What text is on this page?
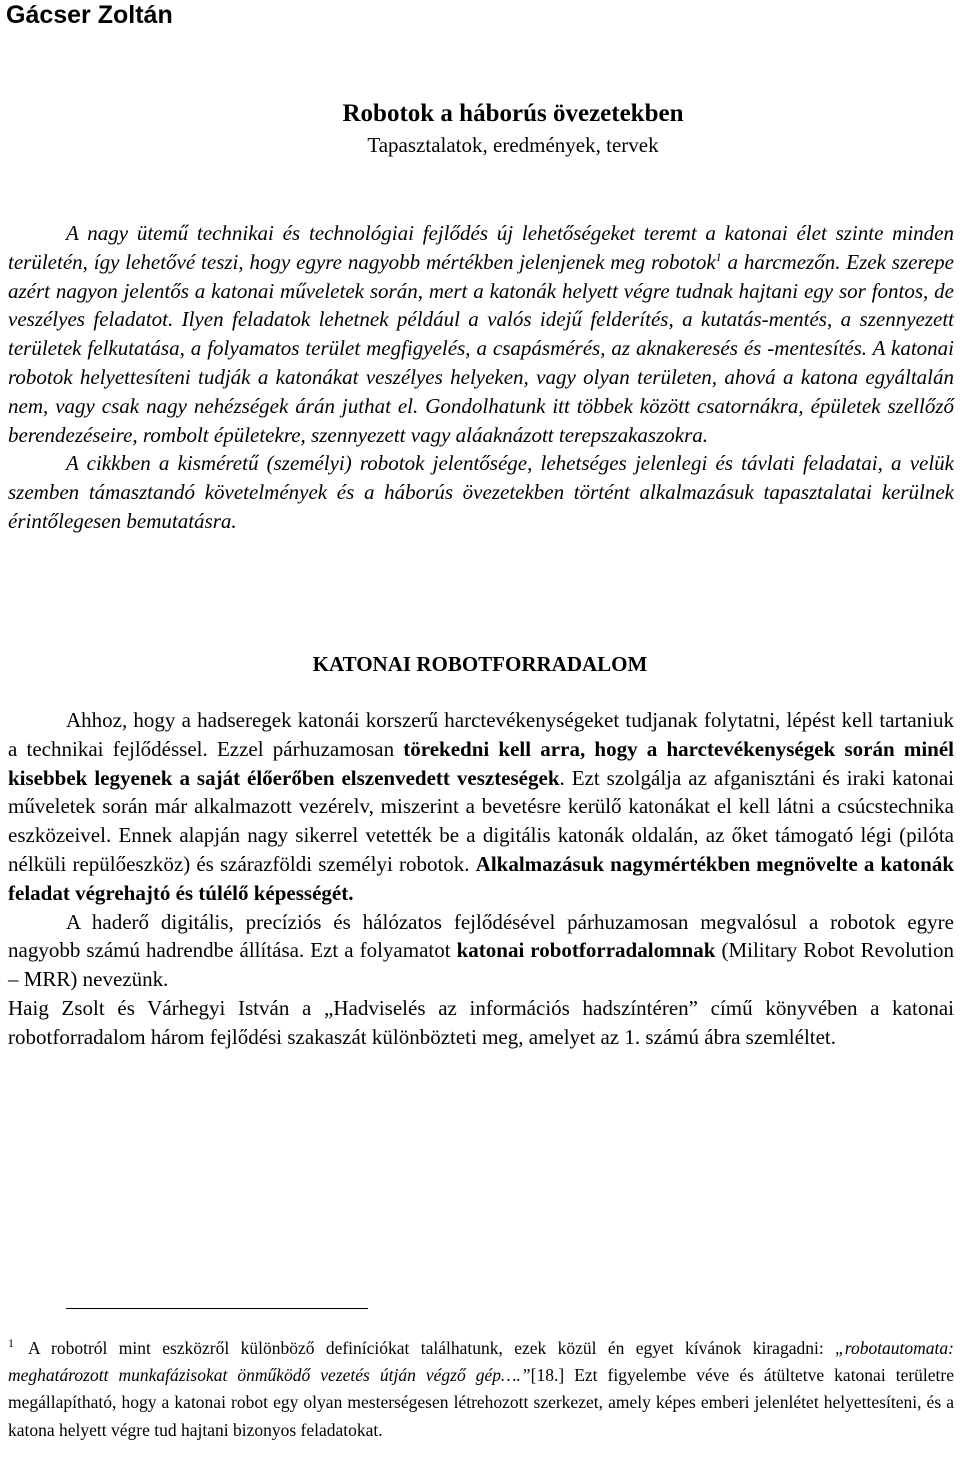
Gácser Zoltán
Robotok a háborús övezetekben
Tapasztalatok, eredmények, tervek

A nagy ütemű technikai és technológiai fejlődés új lehetőségeket teremt a katonai élet szinte minden területén, így lehetővé teszi, hogy egyre nagyobb mértékben jelenjenek meg robotok$^1$ a harcmezőn. Ezek szerepe azért nagyon jelentős a katonai műveletek során, mert a katonák helyett végre tudnak hajtani egy sor fontos, de veszélyes feladatot. Ilyen feladatok lehetnek például a valós idejű felderítés, a kutatás-mentés, a szennyezett területek felkutatása, a folyamatos terület megfigyelés, a csapásmérés, az aknakeresés és -mentesítés. A katonai robotok helyettesíteni tudják a katonákat veszélyes helyeken, vagy olyan területen, ahová a katona egyáltalán nem, vagy csak nagy nehézségek árán juthat el. Gondolhatunk itt többek között csatornákra, épületek szellőző berendezéseire, rombolt épületekre, szennyezett vagy aláaknázott terepszakaszokra.

A cikkben a kisméretű (személyi) robotok jelentősége, lehetséges jelenlegi és távlati feladatai, a velük szemben támasztandó követelmények és a háborús övezetekben történt alkalmazásuk tapasztalatai kerülnek érintőlegesen bemutatásra.

KATONAI ROBOTFORRADALOM

Ahhoz, hogy a hadseregek katonái korszerű harctevékenységeket tudjanak folytatni, lépést kell tartaniuk a technikai fejlődéssel. Ezzel párhuzamosan törekedni kell arra, hogy a harctevékenységek során minél kisebbek legyenek a saját élőerőben elszenvedett veszteségek. Ezt szolgálja az afganisztáni és iraki katonai műveletek során már alkalmazott vezérelv, miszerint a bevetésre kerülő katonákat el kell látni a csúcstechnika eszközeivel. Ennek alapján nagy sikerrel vetették be a digitális katonák oldalán, az őket támogató légi (pilóta nélküli repülőeszköz) és szárazföldi személyi robotok. Alkalmazásuk nagymértékben megnövelte a katonák feladat végrehajtó és túlélő képességét.

A haderő digitális, precíziós és hálózatos fejlődésével párhuzamosan megvalósul a robotok egyre nagyobb számú hadrendbe állítása. Ezt a folyamatot katonai robotforradalomnak (Military Robot Revolution – MRR) nevezünk.

Haig Zsolt és Várhegyi István a „Hadviselés az információs hadszíntéren” című könyvében a katonai robotforradalom három fejlődési szakaszát különbözteti meg, amelyet az 1. számú ábra szemléltet.

$^1$ A robotról mint eszközről különböző definíciókat találhatunk, ezek közül én egyet kívánok kiragadni: „robotautomata: meghatározott munkafázisokat önműködő vezetés útján végző gép….”[18.] Ezt figyelembe véve és átültetve katonai területre megállapítható, hogy a katonai robot egy olyan mesterségesen létrehozott szerkezet, amely képes emberi jelenlétet helyettesíteni, és a katona helyett végre tud hajtani bizonyos feladatokat.
